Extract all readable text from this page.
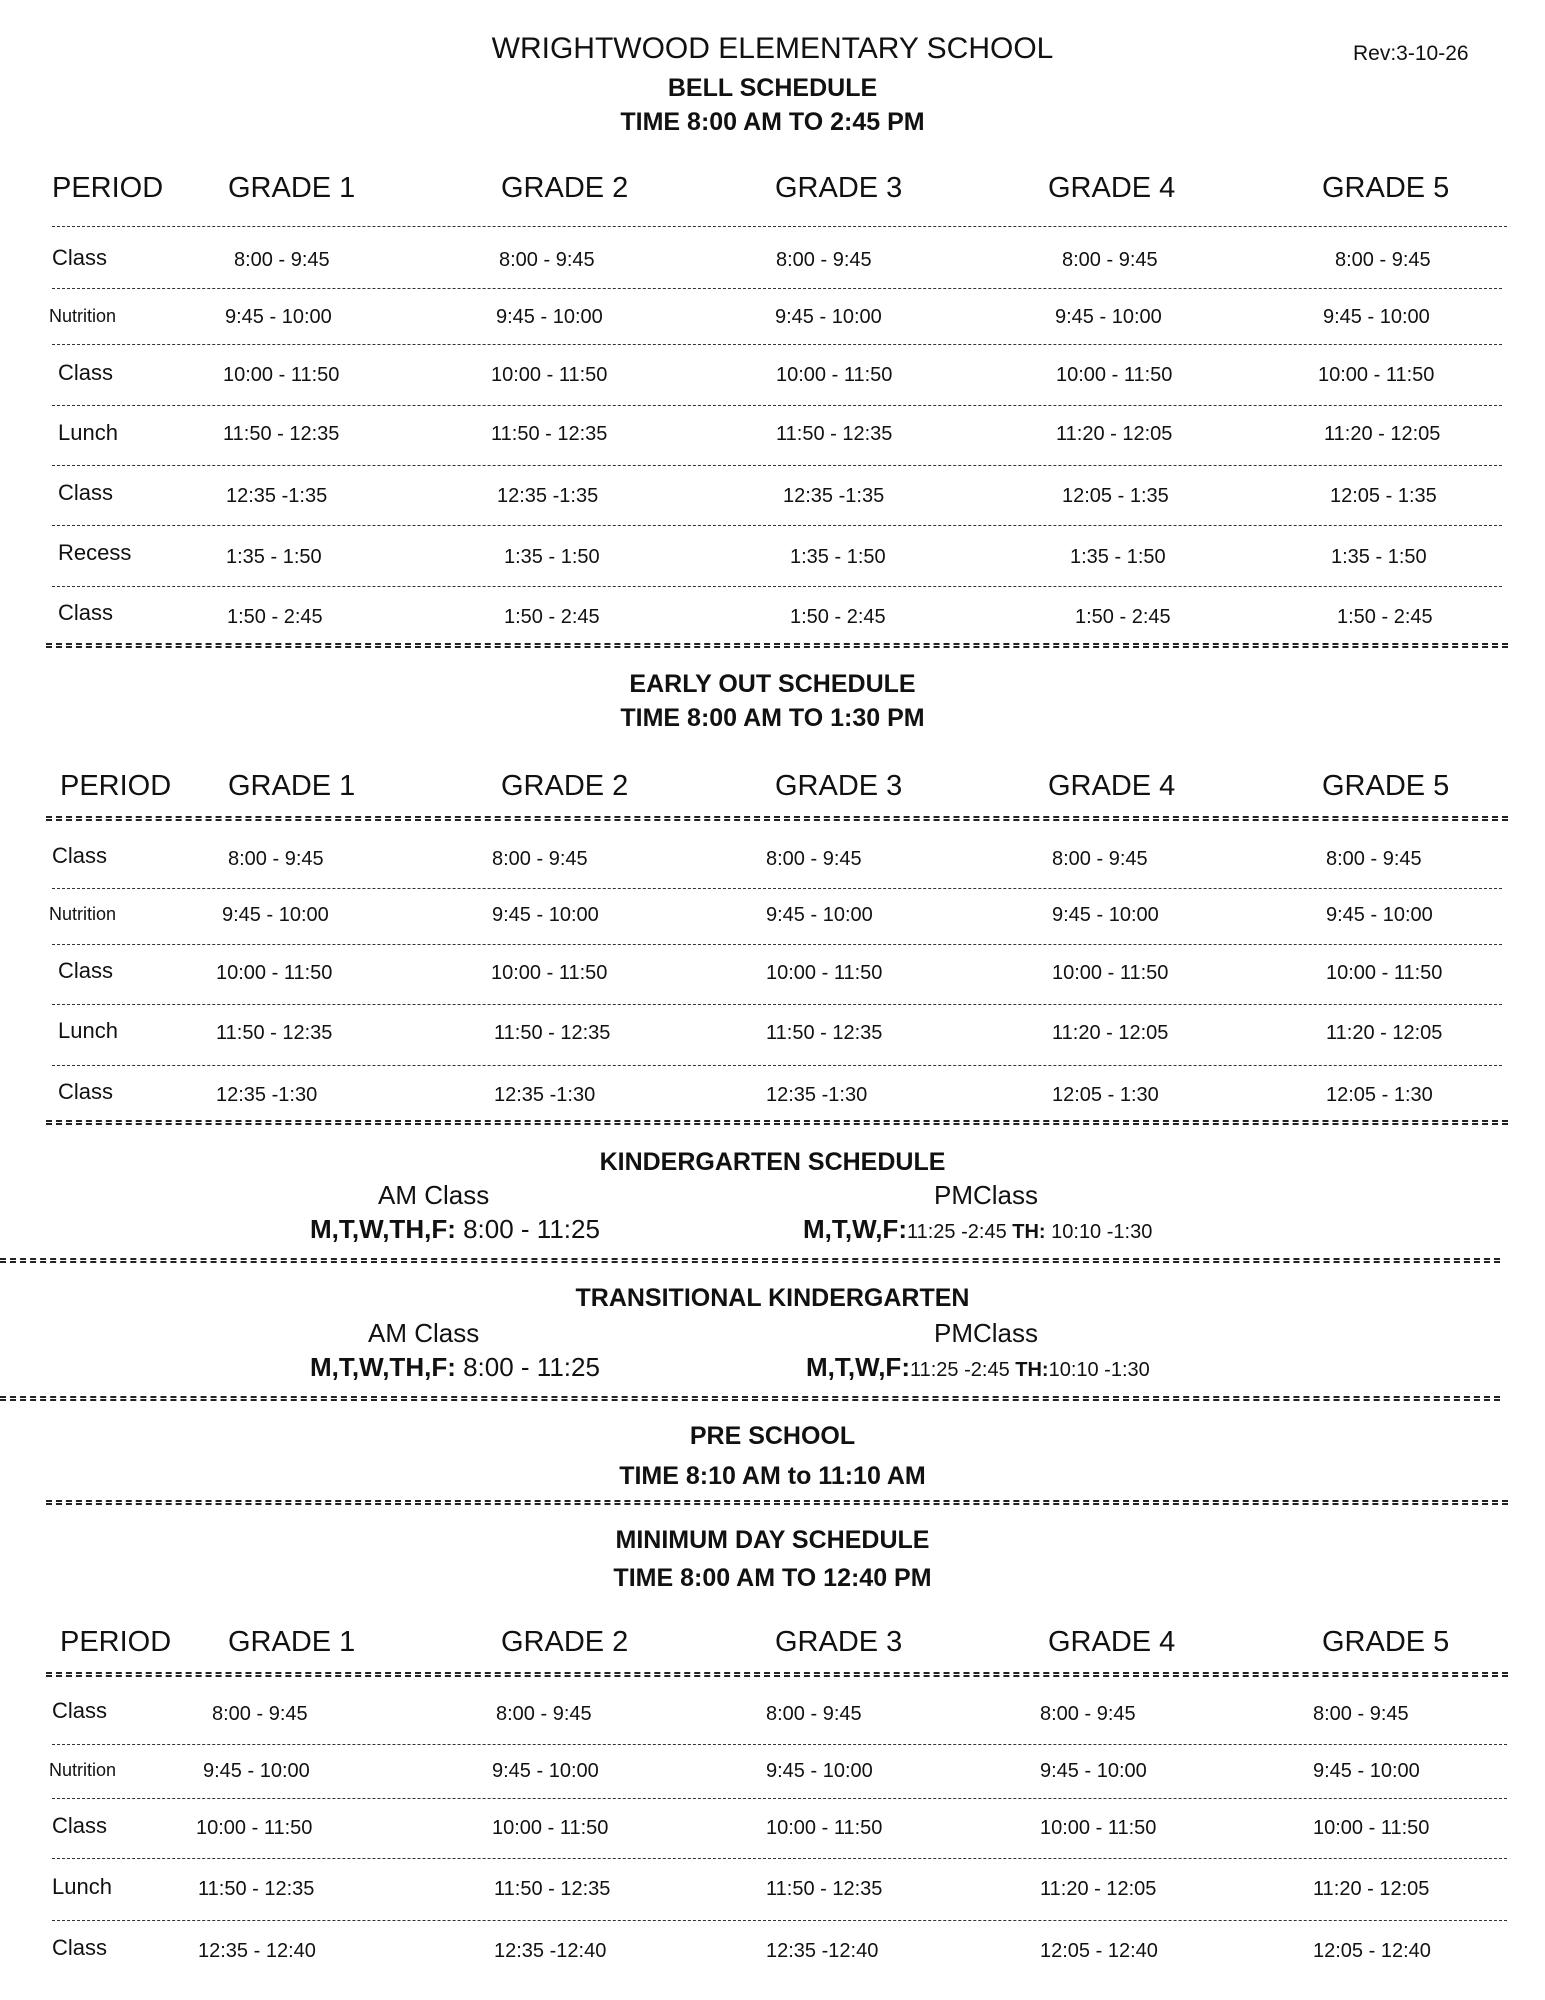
WRIGHTWOOD ELEMENTARY SCHOOL	Rev:3-10-26
BELL SCHEDULE
TIME 8:00 AM TO 2:45 PM
PERIOD GRADE 1	GRADE 2	GRADE 3	GRADE 4	GRADE 5
Class	8:00 - 9:45	8:00 - 9:45	8:00 - 9:45	8:00 - 9:45	8:00 - 9:45
Nutrition	9:45 - 10:00	9:45 - 10:00	9:45 - 10:00	9:45 - 10:00	9:45 - 10:00
Class	10:00 - 11:50	10:00 - 11:50	10:00 - 11:50	10:00 - 11:50	10:00 - 11:50
Lunch	11:50 - 12:35	11:50 - 12:35	11:50 - 12:35	11:20 - 12:05	11:20 - 12:05
Class	12:35 -1:35	12:35 -1:35	12:35 -1:35	12:05 - 1:35	12:05 - 1:35
Recess	1:35 - 1:50	1:35 - 1:50	1:35 - 1:50	1:35 - 1:50	1:35 - 1:50
Class	1:50 - 2:45	1:50 - 2:45	1:50 - 2:45	1:50 - 2:45	1:50 - 2:45
EARLY OUT SCHEDULE
TIME 8:00 AM TO 1:30 PM
PERIOD GRADE 1	GRADE 2	GRADE 3	GRADE 4	GRADE 5
Class	8:00 - 9:45	8:00 - 9:45	8:00 - 9:45	8:00 - 9:45	8:00 - 9:45
Nutrition	9:45 - 10:00	9:45 - 10:00	9:45 - 10:00	9:45 - 10:00	9:45 - 10:00
Class	10:00 - 11:50	10:00 - 11:50	10:00 - 11:50	10:00 - 11:50	10:00 - 11:50
Lunch	11:50 - 12:35	11:50 - 12:35	11:50 - 12:35	11:20 - 12:05	11:20 - 12:05
Class	12:35 -1:30	12:35 -1:30	12:35 -1:30	12:05 - 1:30	12:05 - 1:30
KINDERGARTEN SCHEDULE
AM Class	PMClass
M,T,W,TH,F: 8:00 - 11:25	M,T,W,F:11:25 -2:45 TH: 10:10 -1:30
TRANSITIONAL KINDERGARTEN
AM Class	PMClass
M,T,W,TH,F: 8:00 - 11:25	M,T,W,F:11:25 -2:45 TH:10:10 -1:30
PRE SCHOOL
TIME 8:10 AM to 11:10 AM
MINIMUM DAY SCHEDULE
TIME 8:00 AM TO 12:40 PM
PERIOD GRADE 1	GRADE 2	GRADE 3	GRADE 4	GRADE 5
Class	8:00 - 9:45	8:00 - 9:45	8:00 - 9:45	8:00 - 9:45	8:00 - 9:45
Nutrition	9:45 - 10:00	9:45 - 10:00	9:45 - 10:00	9:45 - 10:00	9:45 - 10:00
Class	10:00 - 11:50	10:00 - 11:50	10:00 - 11:50	10:00 - 11:50	10:00 - 11:50
Lunch	11:50 - 12:35	11:50 - 12:35	11:50 - 12:35	11:20 - 12:05	11:20 - 12:05
Class	12:35 - 12:40	12:35 -12:40	12:35 -12:40	12:05 - 12:40	12:05 - 12:40
